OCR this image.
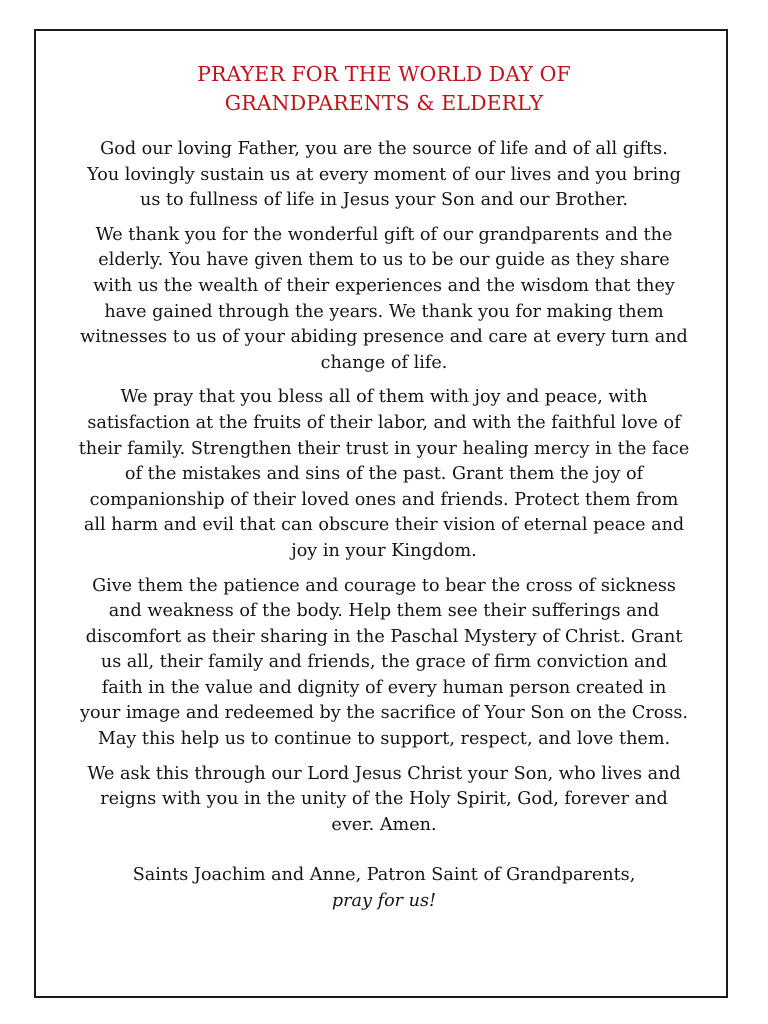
PRAYER FOR THE WORLD DAY OF
GRANDPARENTS & ELDERLY

God our loving Father, you are the source of life and of all gifts.
You lovingly sustain us at every moment of our lives and you bring
us to fullness of life in Jesus your Son and our Brother.

We thank you for the wonderful gift of our grandparents and the
elderly. You have given them to us to be our guide as they share
with us the wealth of their experiences and the wisdom that they
have gained through the years. We thank you for making them
witnesses to us of your abiding presence and care at every turn and
change of life.

We pray that you bless all of them with joy and peace, with
satisfaction at the fruits of their labor, and with the faithful love of
their family. Strengthen their trust in your healing mercy in the face
of the mistakes and sins of the past. Grant them the joy of
companionship of their loved ones and friends. Protect them from
all harm and evil that can obscure their vision of eternal peace and
joy in your Kingdom.

Give them the patience and courage to bear the cross of sickness
and weakness of the body. Help them see their sufferings and
discomfort as their sharing in the Paschal Mystery of Christ. Grant
us all, their family and friends, the grace of firm conviction and
faith in the value and dignity of every human person created in
your image and redeemed by the sacrifice of Your Son on the Cross.
May this help us to continue to support, respect, and love them.

We ask this through our Lord Jesus Christ your Son, who lives and
reigns with you in the unity of the Holy Spirit, God, forever and
ever. Amen.

Saints Joachim and Anne, Patron Saint of Grandparents,
pray for us!
